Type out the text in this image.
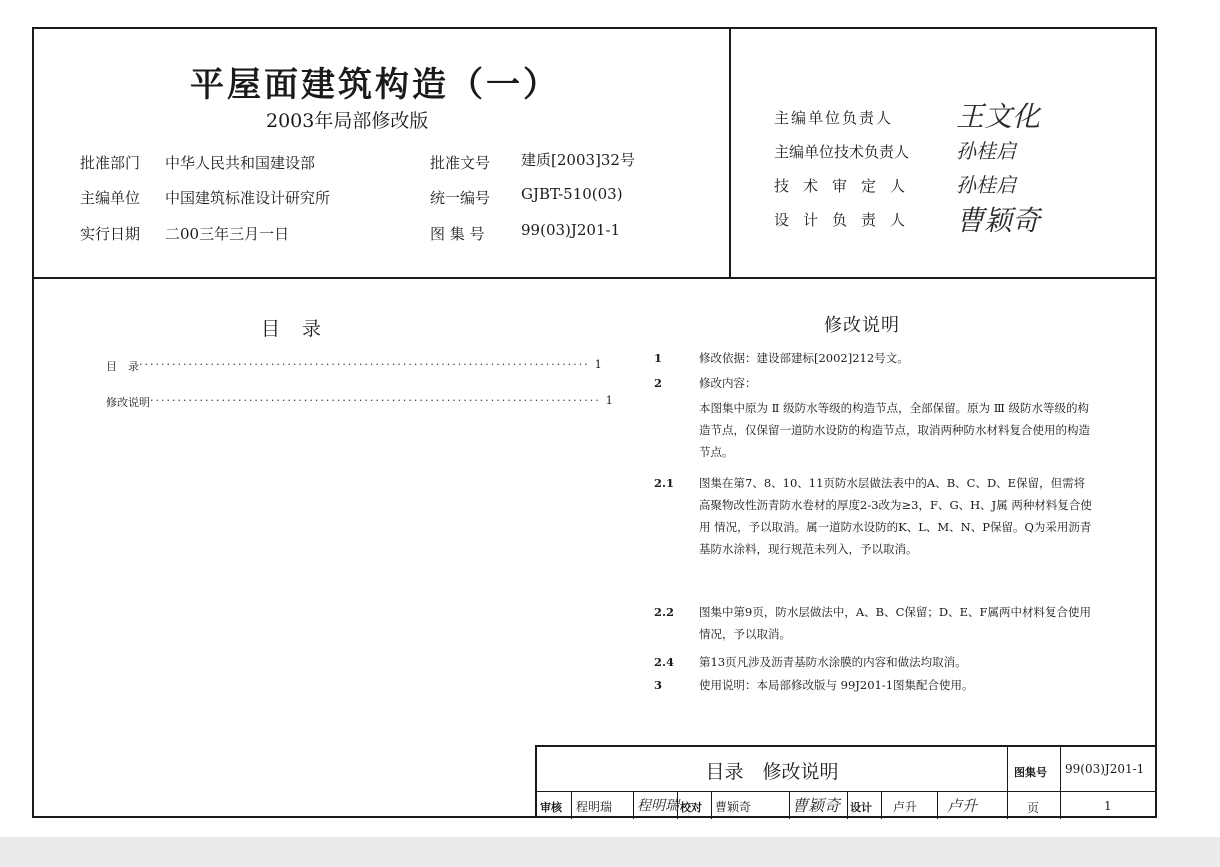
平屋面建筑构造（一）
2003年局部修改版
批准部门 中华人民共和国建设部
主编单位 中国建筑标准设计研究所
实行日期 二00三年三月一日
批准文号 建质[2003]32号
统一编号 GJBT-510(03)
图 集 号 99(03)J201-1
主编单位负责人 王文化
主编单位技术负责人 孙桂启
技术审定人 孙桂启
设计负责人 曹颖奇
目录
目　录 ·················································································· 1
修改说明 ·················································································· 1
修改说明
1	修改依据：建设部建标[2002]212号文。
2	修改内容：
本图集中原为 Ⅱ 级防水等级的构造节点，全部保留。原为 Ⅲ 级防水等级的构造节点，仅保留一道防水设防的构造节点，取消两种防水材料复合使用的构造节点。
2.1	图集在第7、8、10、11页防水层做法表中的A、B、C、D、E保留，但需将高聚物改性沥青防水卷材的厚度2-3改为≥3，F、G、H、J属 两种材料复合使用 情况，予以取消。属一道防水设防的K、L、M、N、P保留。Q为采用沥青基防水涂料，现行规范未列入，予以取消。
2.2	图集中第9页，防水层做法中，A、B、C保留；D、E、F属两中材料复合使用情况，予以取消。
2.4	第13页凡涉及沥青基防水涂膜的内容和做法均取消。
3	使用说明：本局部修改版与 99J201-1图集配合使用。
目录　修改说明	图集号 99(03)J201-1
页	1
审核 程明瑞 程明瑞 校对 曹颖奇	曹颖奇 设计 卢升 卢升
